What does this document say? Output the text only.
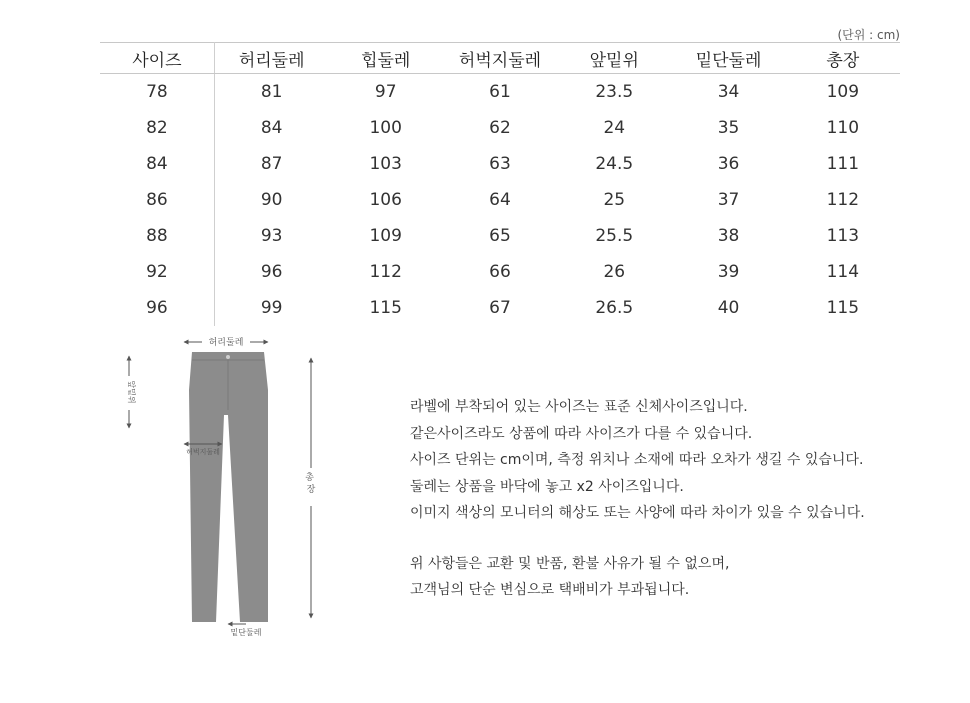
(단위 : cm)
사이즈	허리둘레	힙둘레	허벅지둘레	앞밑위	밑단둘레	총장
78	81	97	61	23.5	34	109
82	84	100	62	24	35	110
84	87	103	63	24.5	36	111
86	90	106	64	25	37	112
88	93	109	65	25.5	38	113
92	96	112	66	26	39	114
96	99	115	67	26.5	40	115
허리둘레
앞밑위
허벅지둘레
총 장
밑단둘레
라벨에 부착되어 있는 사이즈는 표준 신체사이즈입니다.
같은사이즈라도 상품에 따라 사이즈가 다를 수 있습니다.
사이즈 단위는 cm이며, 측정 위치나 소재에 따라 오차가 생길 수 있습니다.
둘레는 상품을 바닥에 놓고 x2 사이즈입니다.
이미지 색상의 모니터의 해상도 또는 사양에 따라 차이가 있을 수 있습니다.
위 사항들은 교환 및 반품, 환불 사유가 될 수 없으며,
고객님의 단순 변심으로 택배비가 부과됩니다.
